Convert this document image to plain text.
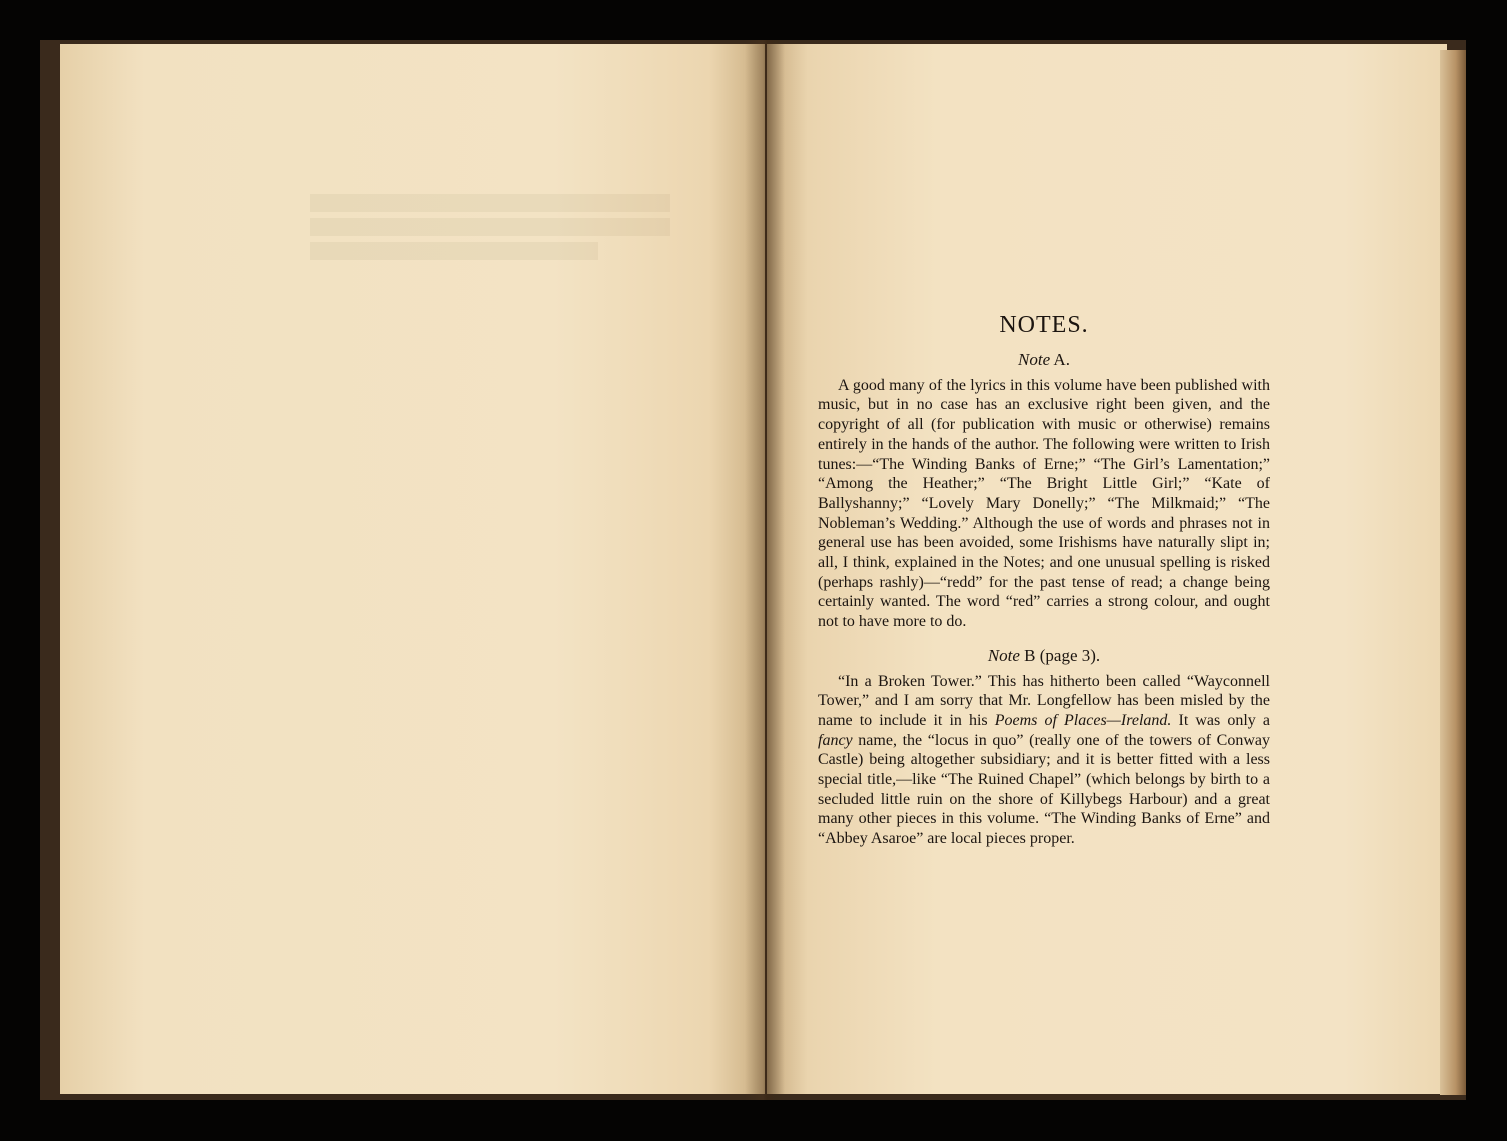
NOTES.
Note A.

A good many of the lyrics in this volume have been published with music, but in no case has an exclusive right been given, and the copyright of all (for publication with music or otherwise) remains entirely in the hands of the author. The following were written to Irish tunes:—“The Winding Banks of Erne;” “The Girl’s Lamentation;” “Among the Heather;” “The Bright Little Girl;” “Kate of Ballyshanny;” “Lovely Mary Donelly;” “The Milkmaid;” “The Nobleman’s Wedding.” Although the use of words and phrases not in general use has been avoided, some Irishisms have naturally slipt in; all, I think, explained in the Notes; and one unusual spelling is risked (perhaps rashly)—“redd” for the past tense of read; a change being certainly wanted. The word “red” carries a strong colour, and ought not to have more to do.

Note B (page 3).

“In a Broken Tower.” This has hitherto been called “Wayconnell Tower,” and I am sorry that Mr. Longfellow has been misled by the name to include it in his Poems of Places—Ireland. It was only a fancy name, the “locus in quo” (really one of the towers of Conway Castle) being altogether subsidiary; and it is better fitted with a less special title,—like “The Ruined Chapel” (which belongs by birth to a secluded little ruin on the shore of Killybegs Harbour) and a great many other pieces in this volume. “The Winding Banks of Erne” and “Abbey Asaroe” are local pieces proper.
